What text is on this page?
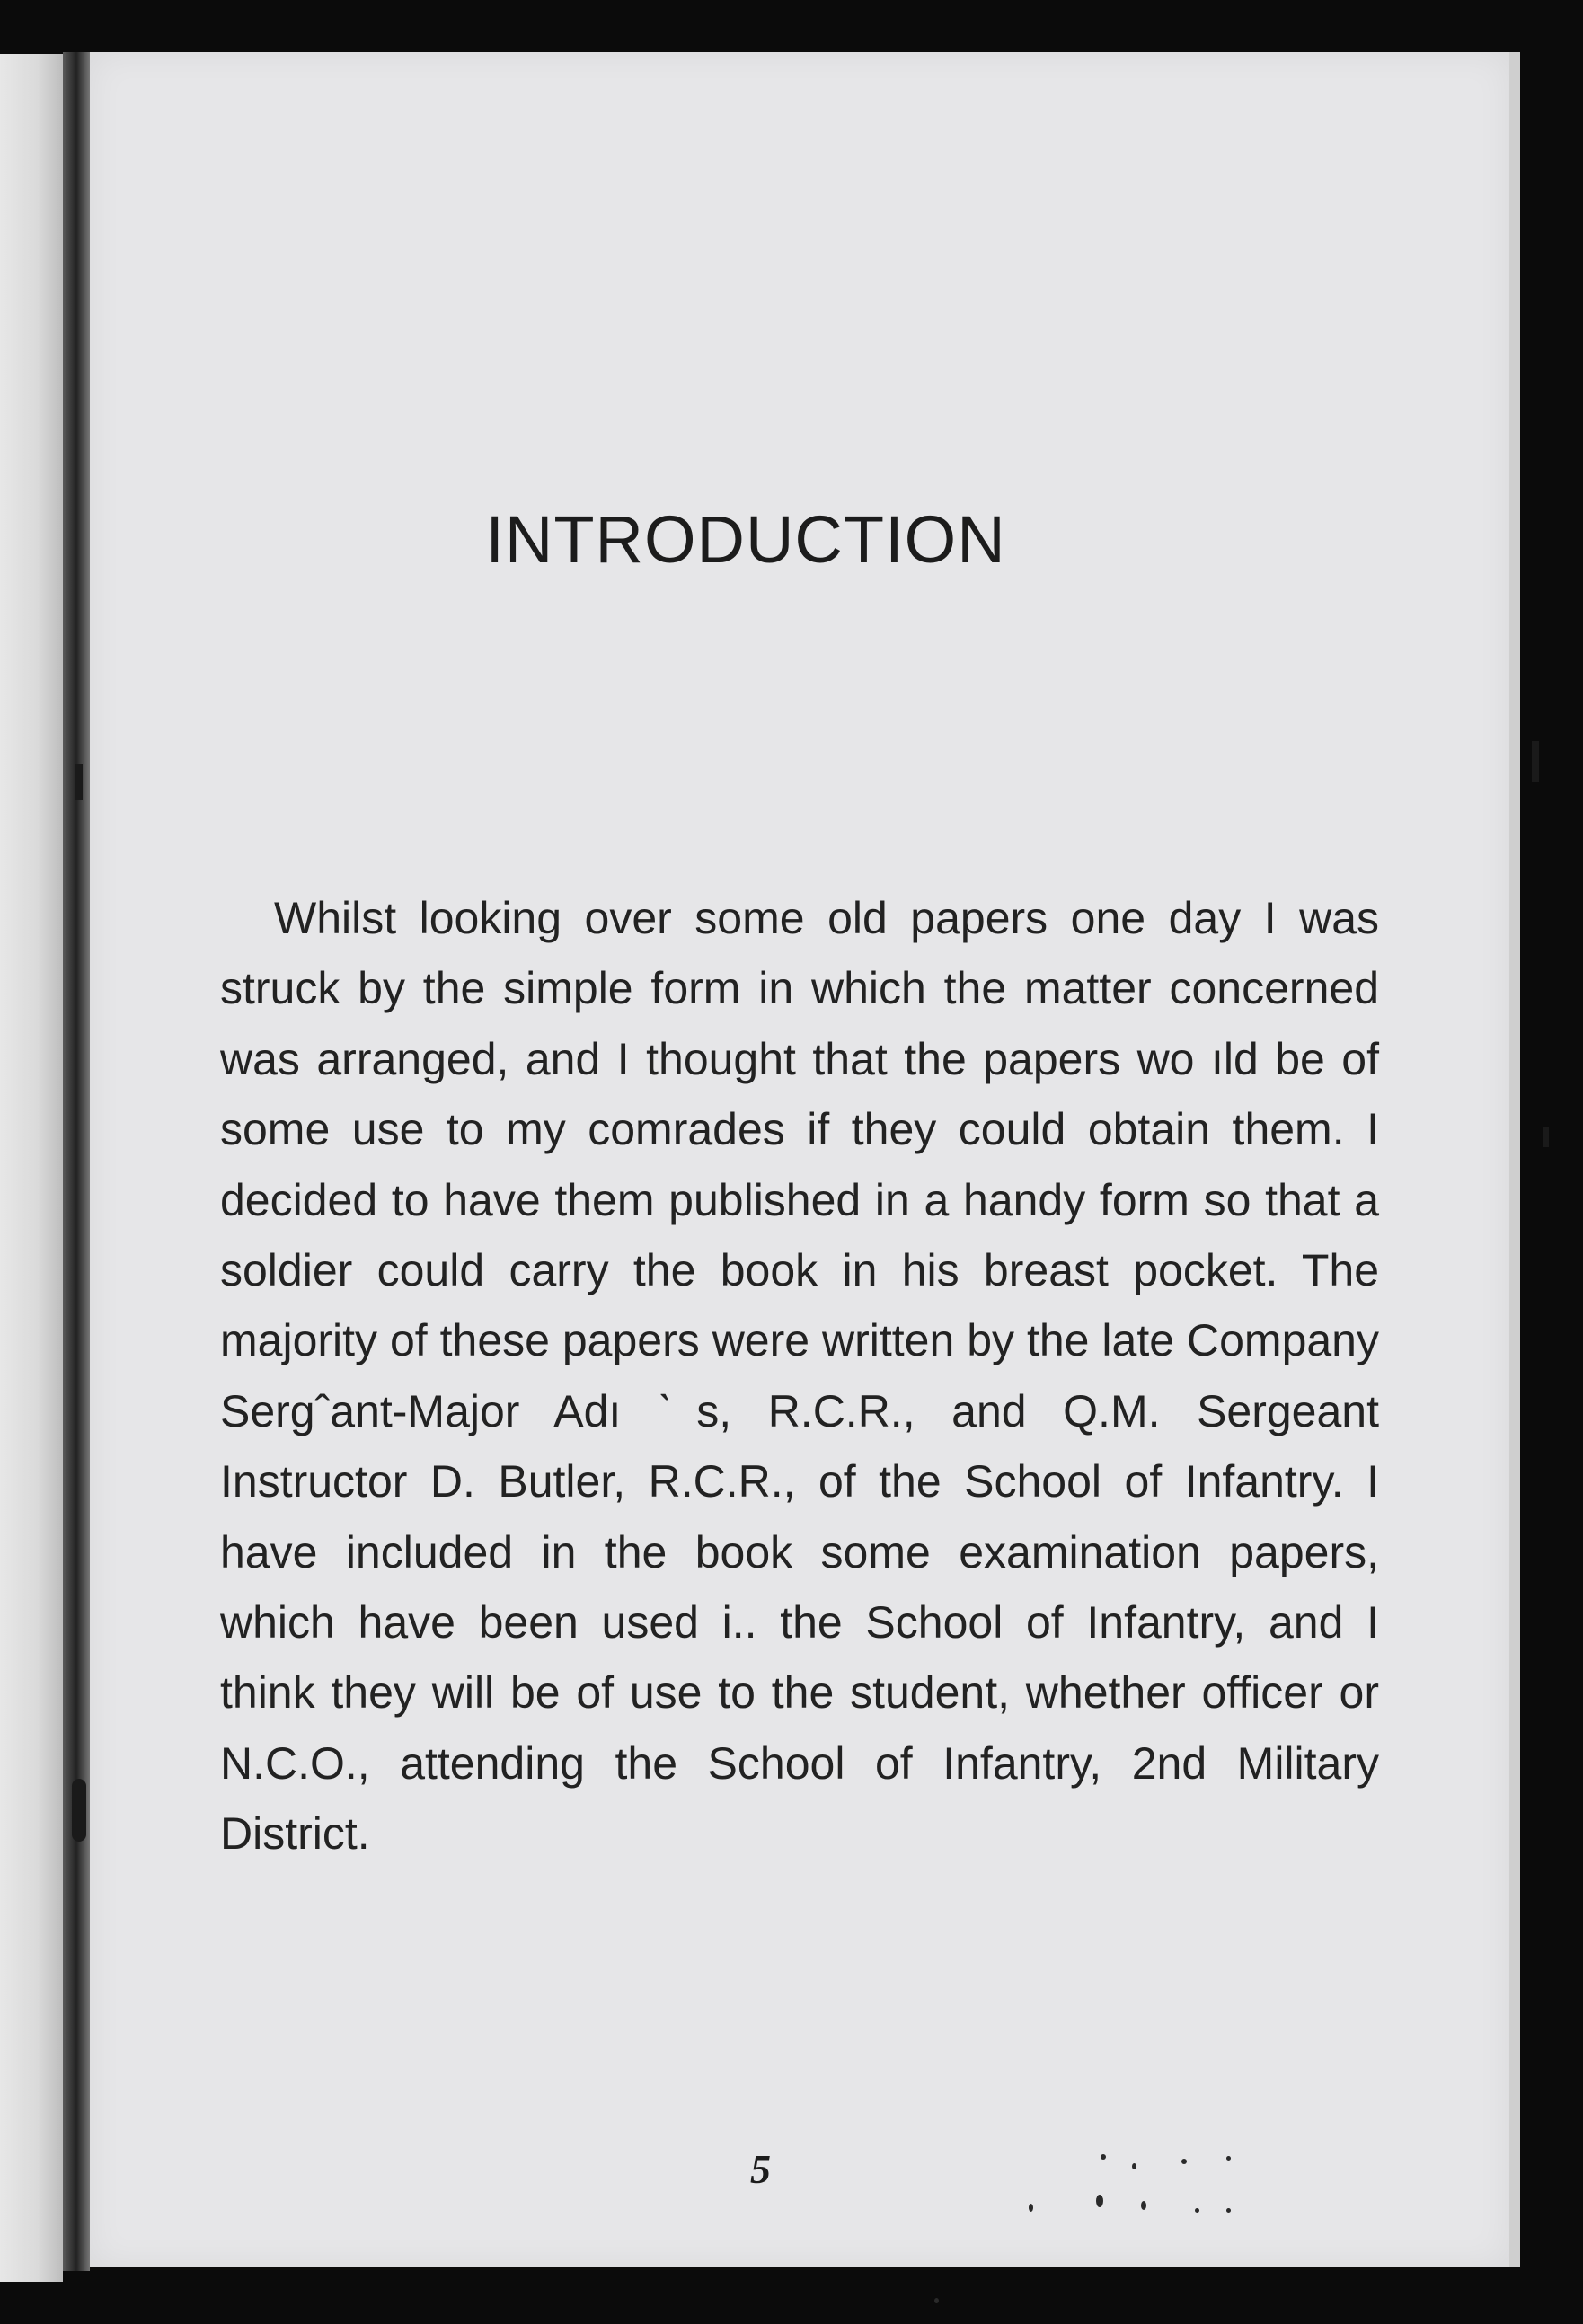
INTRODUCTION

Whilst looking over some old papers one day I was struck by the simple form in which the matter concerned was arranged, and I thought that the papers wo ıld be of some use to my comrades if they could obtain them. I decided to have them published in a handy form so that a soldier could carry the book in his breast pocket. The majority of these papers were written by the late Company Sergˆant-Major Adı ˋs, R.C.R., and Q.M. Sergeant Instructor D. Butler, R.C.R., of the School of Infantry. I have included in the book some examination papers, which have been used i.. the School of Infantry, and I think they will be of use to the student, whether officer or N.C.O., attending the School of Infantry, 2nd Military District.

5
